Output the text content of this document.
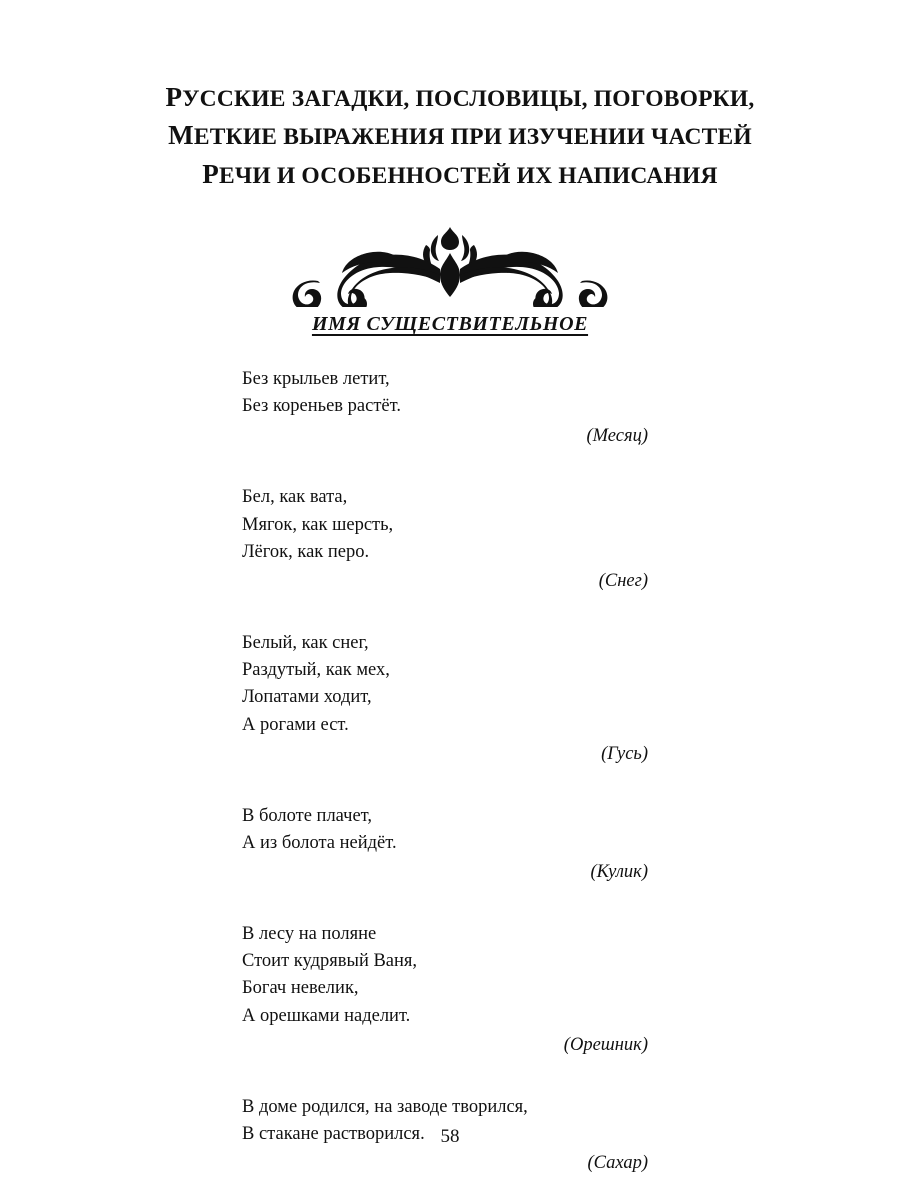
РУССКИЕ ЗАГАДКИ, ПОСЛОВИЦЫ, ПОГОВОРКИ,
МЕТКИЕ ВЫРАЖЕНИЯ ПРИ ИЗУЧЕНИИ ЧАСТЕЙ
РЕЧИ И ОСОБЕННОСТЕЙ ИХ НАПИСАНИЯ
ИМЯ СУЩЕСТВИТЕЛЬНОЕ
Без крыльев летит,
Без кореньев растёт.
(Месяц)
Бел, как вата,
Мягок, как шерсть,
Лёгок, как перо.
(Снег)
Белый, как снег,
Раздутый, как мех,
Лопатами ходит,
А рогами ест.
(Гусь)
В болоте плачет,
А из болота нейдёт.
(Кулик)
В лесу на поляне
Стоит кудрявый Ваня,
Богач невелик,
А орешками наделит.
(Орешник)
В доме родился, на заводе творился,
В стакане растворился.
(Сахар)
58
